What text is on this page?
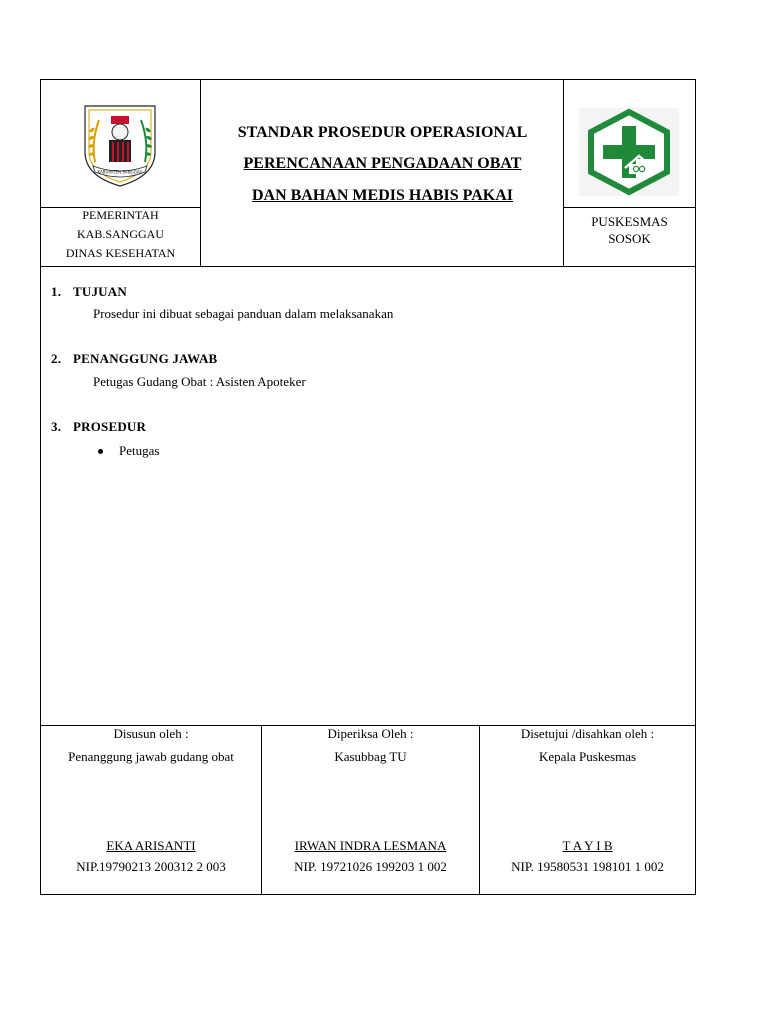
KABUPATEN SANGGAU
PEMERINTAH
KAB.SANGGAU
DINAS KESEHATAN
STANDAR PROSEDUR OPERASIONAL
PERENCANAAN PENGADAAN OBAT
DAN BAHAN MEDIS HABIS PAKAI
PUSKESMAS
SOSOK
1. TUJUAN
Prosedur ini dibuat sebagai panduan dalam melaksanakan
2. PENANGGUNG JAWAB
Petugas Gudang Obat : Asisten Apoteker
3. PROSEDUR
Petugas
Disusun oleh :
Penanggung jawab gudang obat
EKA ARISANTI
NIP.19790213 200312 2 003
Diperiksa Oleh :
Kasubbag TU
IRWAN INDRA LESMANA
NIP. 19721026 199203 1 002
Disetujui /disahkan oleh :
Kepala Puskesmas
T A Y I B
NIP. 19580531 198101 1 002
